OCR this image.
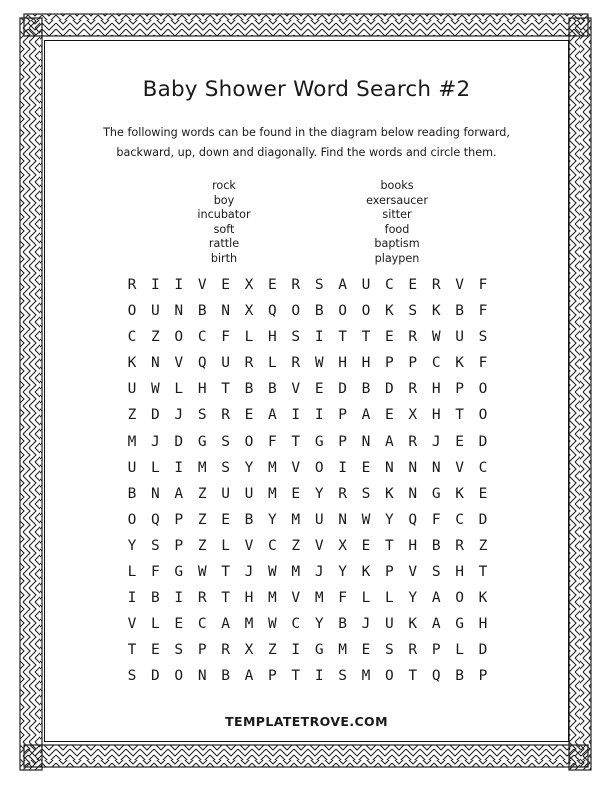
Baby Shower Word Search #2
The following words can be found in the diagram below reading forward, backward, up, down and diagonally. Find the words and circle them.
rock
boy
incubator
soft
rattle
birth
books
exersaucer
sitter
food
baptism
playpen
R	I	I	V	E	X	E	R	S	A	U	C	E	R	V	F
O	U	N	B	N	X	Q	O	B	O	O	K	S	K	B	F
C	Z	O	C	F	L	H	S	I	T	T	E	R	W	U	S
K	N	V	Q	U	R	L	R	W	H	H	P	P	C	K	F
U	W	L	H	T	B	B	V	E	D	B	D	R	H	P	O
Z	D	J	S	R	E	A	I	I	P	A	E	X	H	T	O
M	J	D	G	S	O	F	T	G	P	N	A	R	J	E	D
U	L	I	M	S	Y	M	V	O	I	E	N	N	N	V	C
B	N	A	Z	U	U	M	E	Y	R	S	K	N	G	K	E
O	Q	P	Z	E	B	Y	M	U	N	W	Y	Q	F	C	D
Y	S	P	Z	L	V	C	Z	V	X	E	T	H	B	R	Z
L	F	G	W	T	J	W	M	J	Y	K	P	V	S	H	T
I	B	I	R	T	H	M	V	M	F	L	L	Y	A	O	K
V	L	E	C	A	M	W	C	Y	B	J	U	K	A	G	H
T	E	S	P	R	X	Z	I	G	M	E	S	R	P	L	D
S	D	O	N	B	A	P	T	I	S	M	O	T	Q	B	P
TEMPLATETROVE.COM
